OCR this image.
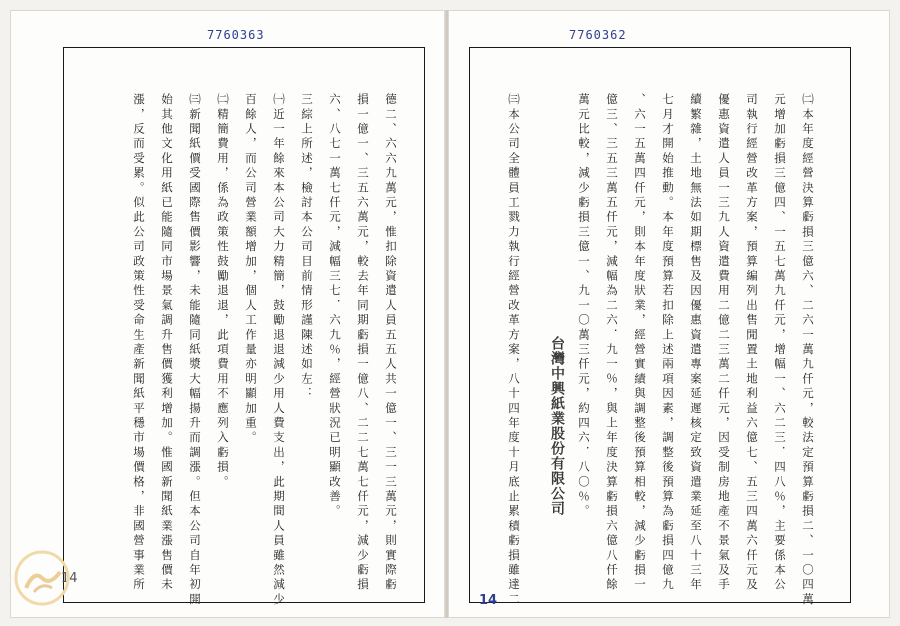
7760363
德二、六六九萬元，惟扣除資遣人員五五人共一億一、三一三萬元，則實際虧
損一億一、三五六萬元，較去年同期虧損一億八、二二七萬七仟元，減少虧損
六、八七一萬七仟元，減幅三七．六九％，經營狀況已明顯改善。
三綜上所述，檢討本公司目前情形謹陳述如左：
㈠近一年餘來本公司大力精簡，鼓勵退退減少用人費支出，此期間人員雖然減少
百餘人，而公司營業額增加，個人工作量亦明顯加重。
㈡精簡費用，係為政策性鼓勵退退，此項費用不應列入虧損。
㈢新聞紙價受國際售價影響，未能隨同紙漿大幅揚升而調漲。但本公司自年初開
始其他文化用紙已能隨同市場景氣調升售價獲利增加。惟國新聞紙業漲售價未
漲，反而受累。似此公司政策性受命生產新聞紙平穩市場價格，非國營事業所
14
7760362
㈡本年度經營決算虧損三億六、二六一萬九仟元，較法定預算虧損二、一〇四萬
元增加虧損三億四、一五七萬九仟元，增幅一、六二三．四八％，主要係本公
司執行經營改革方案，預算編列出售閒置土地利益六億七、五三四萬六仟元及
優惠資遣人員一三九人資遣費用二億二三萬二仟元，因受制房地產不景氣及手
續繁雜，土地無法如期標售及因優惠資遣專案延遲核定致資遣業延至八十三年
七月才開始推動。本年度預算若扣除上述兩項因素，調整後預算為虧損四億九
、六一五萬四仟元，則本年度狀業，經營實績與調整後預算相較，減少虧損一
億三、三五三萬五仟元，減幅為二六．九一％，與上年度決算虧損六億八仟餘
萬元比較，減少虧損三億一、九一〇萬三仟元，約四六．八〇％。
㈢本公司全體員工戮力執行經營改革方案，八十四年度十月底止累積虧損雖達二 台灣中興紙業股份有限公司
14
